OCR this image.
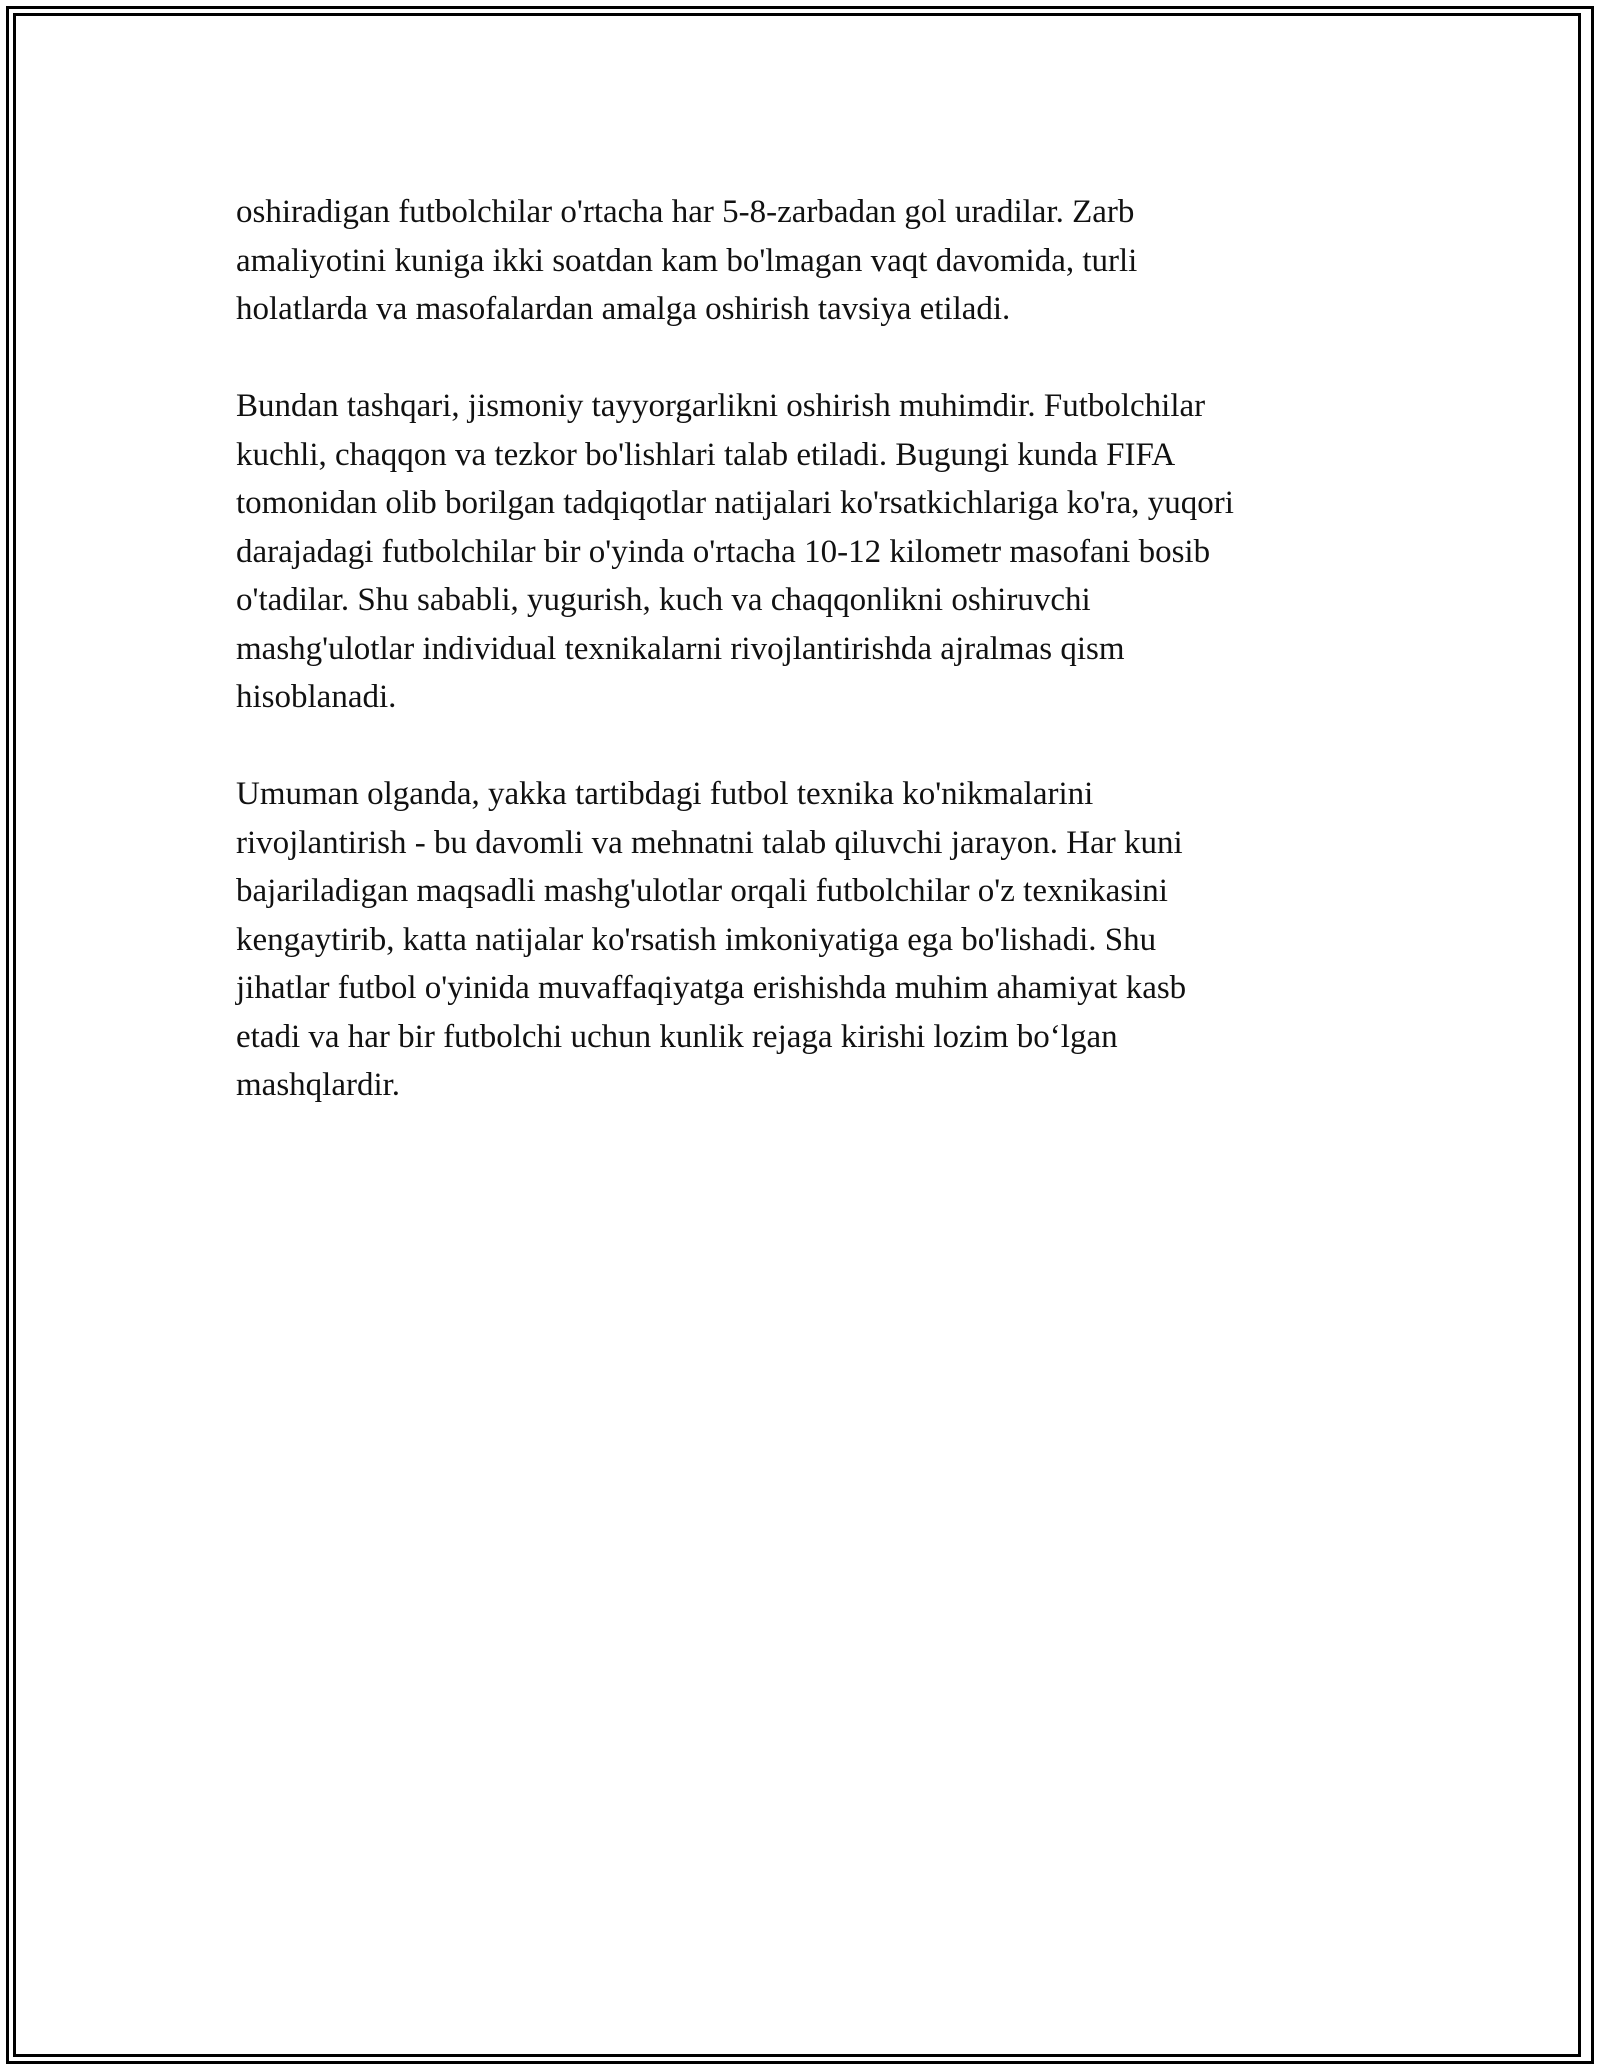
oshiradigan futbolchilar o'rtacha har 5-8-zarbadan gol uradilar. Zarb
amaliyotini kuniga ikki soatdan kam bo'lmagan vaqt davomida, turli
holatlarda va masofalardan amalga oshirish tavsiya etiladi.

Bundan tashqari, jismoniy tayyorgarlikni oshirish muhimdir. Futbolchilar
kuchli, chaqqon va tezkor bo'lishlari talab etiladi. Bugungi kunda FIFA
tomonidan olib borilgan tadqiqotlar natijalari ko'rsatkichlariga ko'ra, yuqori
darajadagi futbolchilar bir o'yinda o'rtacha 10-12 kilometr masofani bosib
o'tadilar. Shu sababli, yugurish, kuch va chaqqonlikni oshiruvchi
mashg'ulotlar individual texnikalarni rivojlantirishda ajralmas qism
hisoblanadi.

Umuman olganda, yakka tartibdagi futbol texnika ko'nikmalarini
rivojlantirish - bu davomli va mehnatni talab qiluvchi jarayon. Har kuni
bajariladigan maqsadli mashg'ulotlar orqali futbolchilar o'z texnikasini
kengaytirib, katta natijalar ko'rsatish imkoniyatiga ega bo'lishadi. Shu
jihatlar futbol o'yinida muvaffaqiyatga erishishda muhim ahamiyat kasb
etadi va har bir futbolchi uchun kunlik rejaga kirishi lozim bo‘lgan
mashqlardir.
